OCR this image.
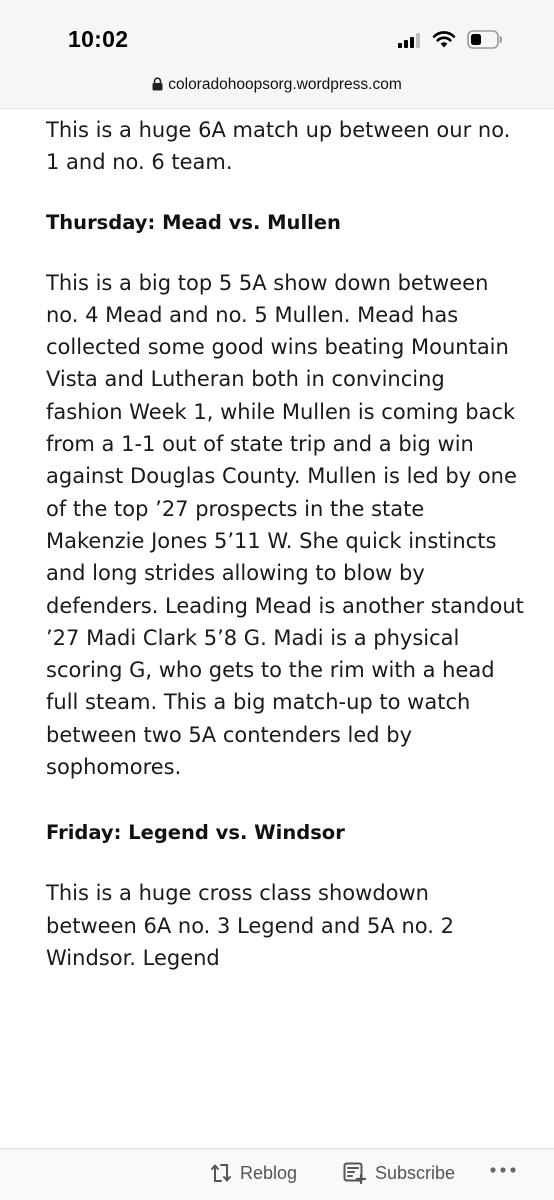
10:02
coloradohoopsorg.wordpress.com

This is a huge 6A match up between our no. 1 and no. 6 team.

Thursday: Mead vs. Mullen

This is a big top 5 5A show down between no. 4 Mead and no. 5 Mullen. Mead has collected some good wins beating Mountain Vista and Lutheran both in convincing fashion Week 1, while Mullen is coming back from a 1-1 out of state trip and a big win against Douglas County. Mullen is led by one of the top ’27 prospects in the state Makenzie Jones 5’11 W. She quick instincts and long strides allowing to blow by defenders. Leading Mead is another standout ’27 Madi Clark 5’8 G. Madi is a physical scoring G, who gets to the rim with a head full steam. This a big match-up to watch between two 5A contenders led by sophomores.

Friday: Legend vs. Windsor

This is a huge cross class showdown between 6A no. 3 Legend and 5A no. 2 Windsor. Legend

Reblog	Subscribe
